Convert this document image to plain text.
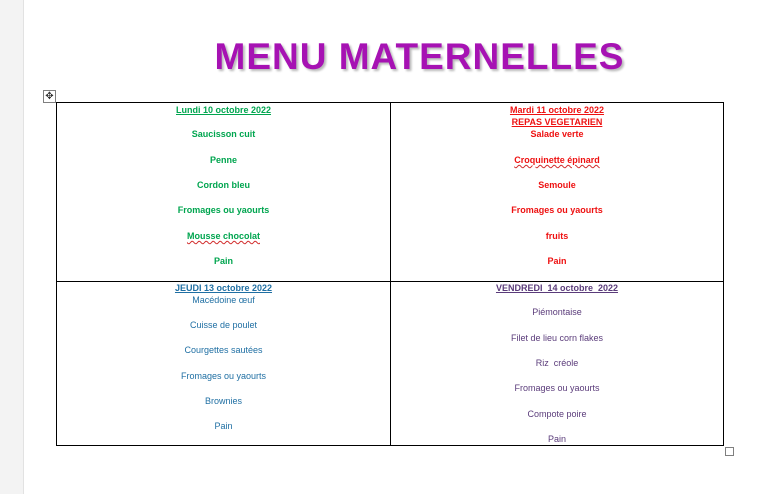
MENU MATERNELLES
✥
Lundi 10 octobre 2022
Saucisson cuit
Penne
Cordon bleu
Fromages ou yaourts
Mousse chocolat
Pain
Mardi 11 octobre 2022
REPAS VEGETARIEN
Salade verte
Croquinette épinard
Semoule
Fromages ou yaourts
fruits
Pain
JEUDI 13 octobre 2022
Macédoine œuf
Cuisse de poulet
Courgettes sautées
Fromages ou yaourts
Brownies
Pain
VENDREDI  14 octobre  2022
Piémontaise
Filet de lieu corn flakes
Riz  créole
Fromages ou yaourts
Compote poire
Pain
